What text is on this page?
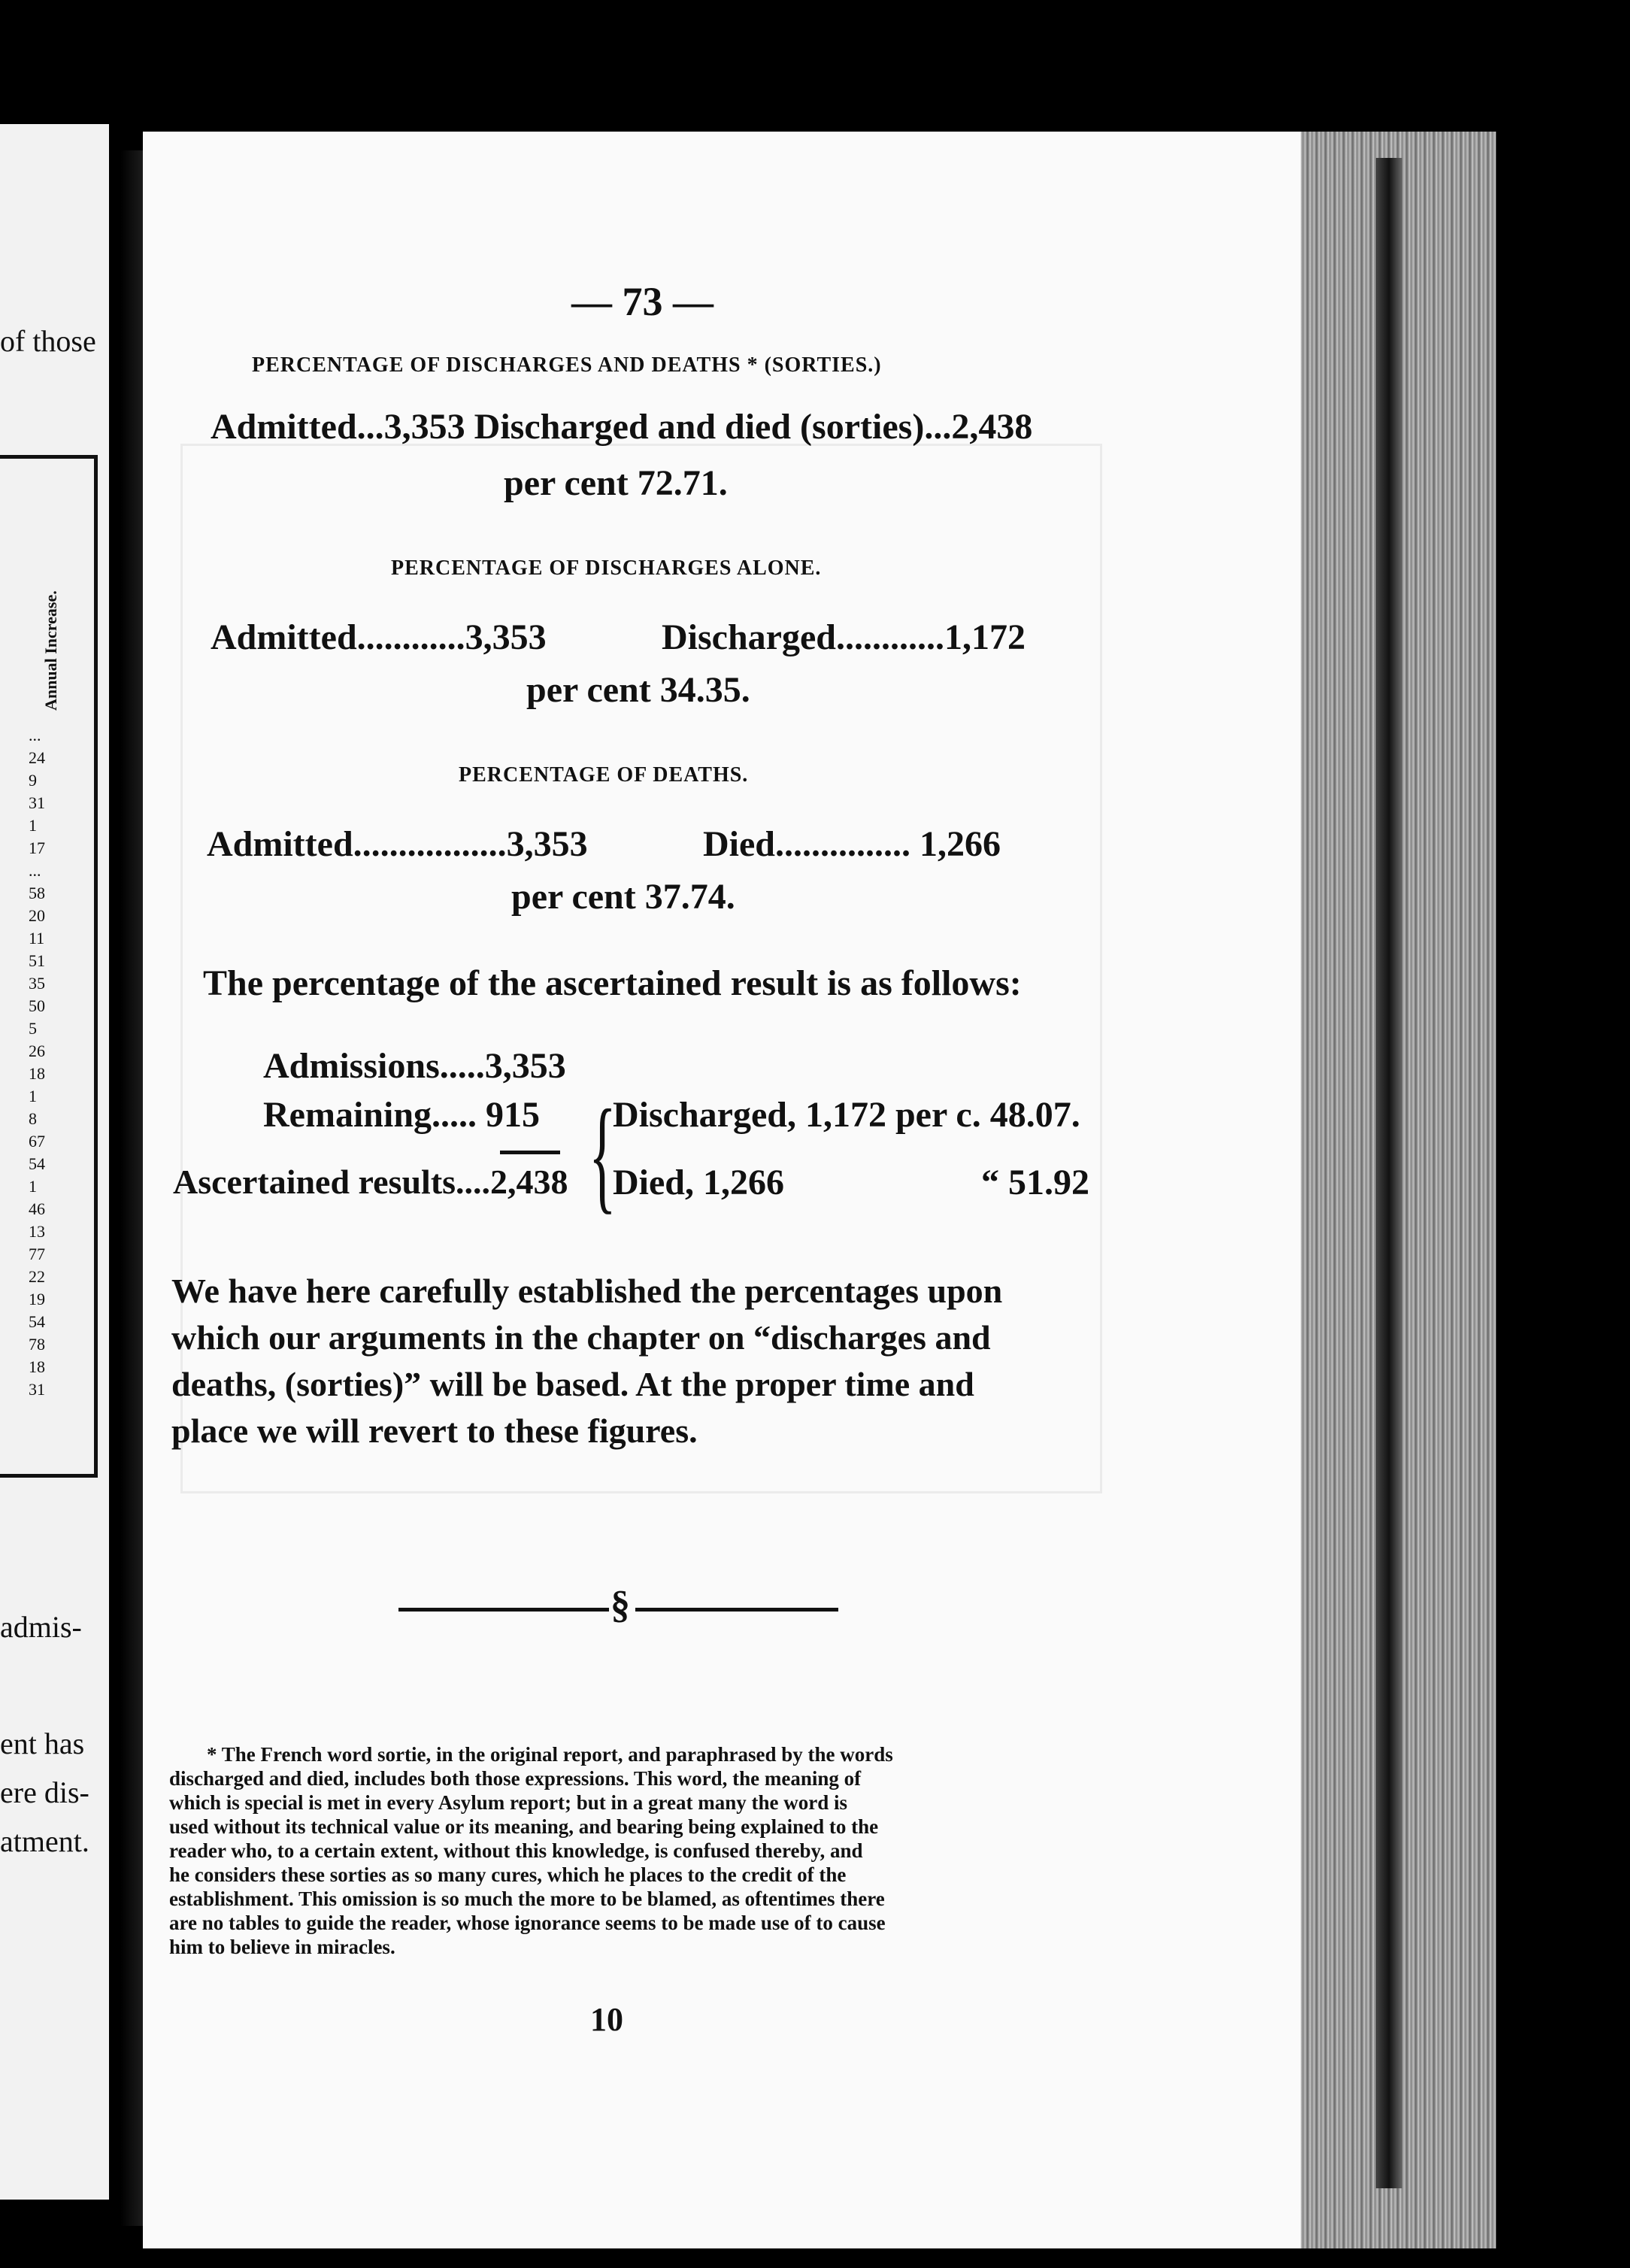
of those
Annual Increase.
...
24
9
31
1
17
...
58
20
11
51
35
50
5
26
18
1
8
67
54
1
46
13
77
22
19
54
78
18
31
admis-
ent has
ere dis-
atment.
— 73 —
PERCENTAGE OF DISCHARGES AND DEATHS * (SORTIES.)
Admitted...3,353 Discharged and died (sorties)...2,438
per cent 72.71.
PERCENTAGE OF DISCHARGES ALONE.
Admitted............3,353	Discharged............1,172
per cent 34.35.
PERCENTAGE OF DEATHS.
Admitted.................3,353	Died............... 1,266
per cent 37.74.
The percentage of the ascertained result is as follows:
Admissions.....3,353
Remaining..... 915
Ascertained results....2,438 {
Discharged, 1,172 per c. 48.07.
Died, 1,266	“ 51.92
We have here carefully established the percentages upon
which our arguments in the chapter on “discharges and
deaths, (sorties)” will be based. At the proper time and
place we will revert to these figures.
§
* The French word sortie, in the original report, and paraphrased by the words
discharged and died, includes both those expressions. This word, the meaning of
which is special is met in every Asylum report; but in a great many the word is
used without its technical value or its meaning, and bearing being explained to the
reader who, to a certain extent, without this knowledge, is confused thereby, and
he considers these sorties as so many cures, which he places to the credit of the
establishment. This omission is so much the more to be blamed, as oftentimes there
are no tables to guide the reader, whose ignorance seems to be made use of to cause
him to believe in miracles.
10
